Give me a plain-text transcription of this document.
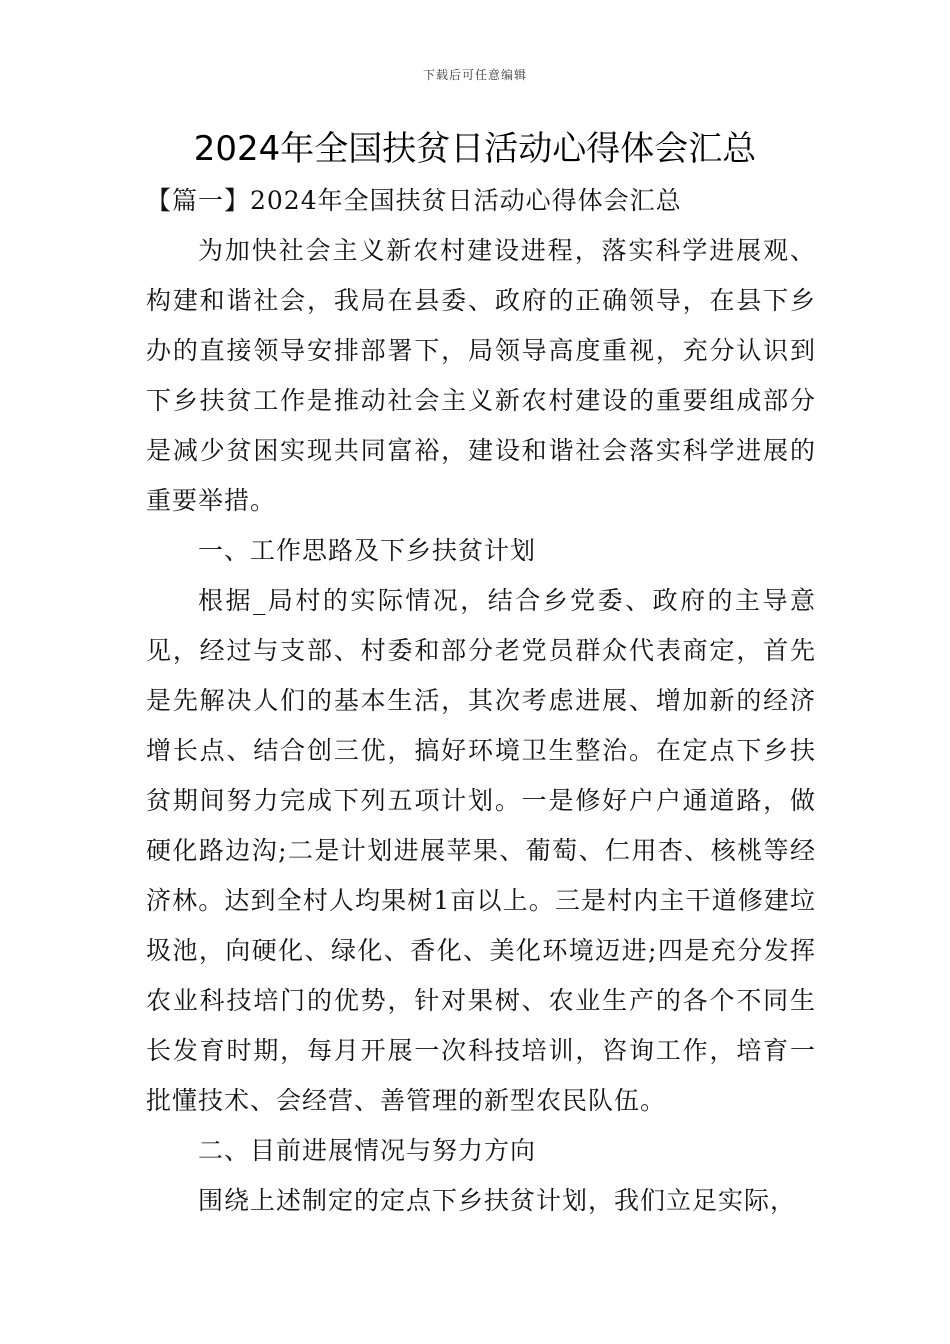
下载后可任意编辑
2024年全国扶贫日活动心得体会汇总

【篇一】2024年全国扶贫日活动心得体会汇总

为加快社会主义新农村建设进程，落实科学进展观、构建和谐社会，我局在县委、政府的正确领导，在县下乡办的直接领导安排部署下，局领导高度重视，充分认识到下乡扶贫工作是推动社会主义新农村建设的重要组成部分是减少贫困实现共同富裕，建设和谐社会落实科学进展的重要举措。

一、工作思路及下乡扶贫计划

根据_局村的实际情况，结合乡党委、政府的主导意见，经过与支部、村委和部分老党员群众代表商定，首先是先解决人们的基本生活，其次考虑进展、增加新的经济增长点、结合创三优，搞好环境卫生整治。在定点下乡扶贫期间努力完成下列五项计划。一是修好户户通道路，做硬化路边沟;二是计划进展苹果、葡萄、仁用杏、核桃等经济林。达到全村人均果树1亩以上。三是村内主干道修建垃圾池，向硬化、绿化、香化、美化环境迈进;四是充分发挥农业科技培门的优势，针对果树、农业生产的各个不同生长发育时期，每月开展一次科技培训，咨询工作，培育一批懂技术、会经营、善管理的新型农民队伍。

二、目前进展情况与努力方向

围绕上述制定的定点下乡扶贫计划，我们立足实际，
